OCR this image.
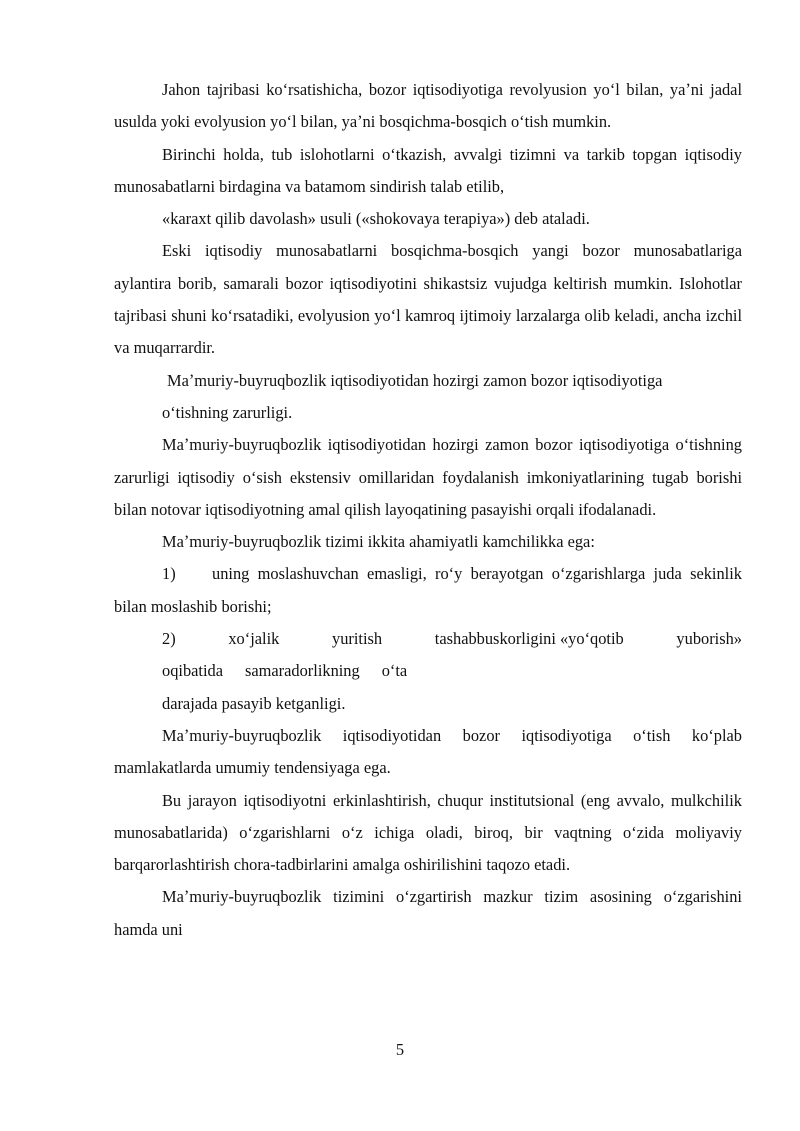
Jahon tajribasi koʻrsatishicha, bozor iqtisodiyotiga revolyusion yoʻl bilan, yaʼni jadal usulda yoki evolyusion yoʻl bilan, yaʼni bosqichma-bosqich oʻtish mumkin.

Birinchi holda, tub islohotlarni oʻtkazish, avvalgi tizimni va tarkib topgan iqtisodiy munosabatlarni birdagina va batamom sindirish talab etilib,

«karaxt qilib davolash» usuli («shokovaya terapiya») deb ataladi.

Eski iqtisodiy munosabatlarni bosqichma-bosqich yangi bozor munosabatlariga aylantira borib, samarali bozor iqtisodiyotini shikastsiz vujudga keltirish mumkin. Islohotlar tajribasi shuni koʻrsatadiki, evolyusion yoʻl kamroq ijtimoiy larzalarga olib keladi, ancha izchil va muqarrardir.

Maʼmuriy-buyruqbozlik iqtisodiyotidan hozirgi zamon bozor iqtisodiyotiga

oʻtishning zarurligi.

Maʼmuriy-buyruqbozlik iqtisodiyotidan hozirgi zamon bozor iqtisodiyotiga oʻtishning zarurligi iqtisodiy oʻsish ekstensiv omillaridan foydalanish imkoniyatlarining tugab borishi bilan notovar iqtisodiyotning amal qilish layoqatining pasayishi orqali ifodalanadi.

Maʼmuriy-buyruqbozlik tizimi ikkita ahamiyatli kamchilikka ega:

1) uning moslashuvchan emasligi, roʻy berayotgan oʻzgarishlarga juda sekinlik bilan moslashib borishi;

2)	xoʻjalik	yuritish	tashabbuskorligini «yoʻqotib	yuborish»
oqibatida samaradorlikning oʻta

darajada pasayib ketganligi.

Maʼmuriy-buyruqbozlik iqtisodiyotidan bozor iqtisodiyotiga oʻtish koʻplab mamlakatlarda umumiy tendensiyaga ega.

Bu jarayon iqtisodiyotni erkinlashtirish, chuqur institutsional (eng avvalo, mulkchilik munosabatlarida) oʻzgarishlarni oʻz ichiga oladi, biroq, bir vaqtning oʻzida moliyaviy barqarorlashtirish chora-tadbirlarini amalga oshirilishini taqozo etadi.

Maʼmuriy-buyruqbozlik tizimini oʻzgartirish mazkur tizim asosining oʻzgarishini hamda uni

5
